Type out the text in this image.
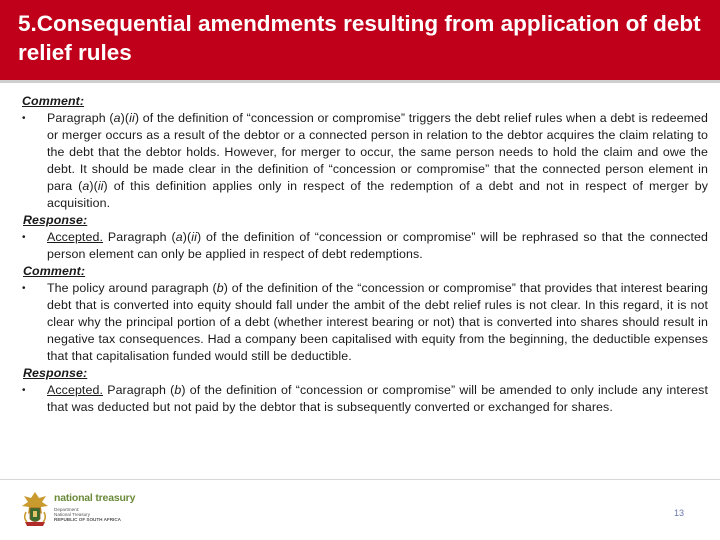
5.Consequential amendments resulting from application of debt relief rules
Comment:
• Paragraph (a)(ii) of the definition of “concession or compromise” triggers the debt relief rules when a debt is redeemed or merger occurs as a result of the debtor or a connected person in relation to the debtor acquires the claim relating to the debt that the debtor holds. However, for merger to occur, the same person needs to hold the claim and owe the debt. It should be made clear in the definition of “concession or compromise” that the connected person element in para (a)(ii) of this definition applies only in respect of the redemption of a debt and not in respect of merger by acquisition.
Response:
• Accepted. Paragraph (a)(ii) of the definition of “concession or compromise” will be rephrased so that the connected person element can only be applied in respect of debt redemptions.
Comment:
• The policy around paragraph (b) of the definition of the “concession or compromise” that provides that interest bearing debt that is converted into equity should fall under the ambit of the debt relief rules is not clear. In this regard, it is not clear why the principal portion of a debt (whether interest bearing or not) that is converted into shares should result in negative tax consequences. Had a company been capitalised with equity from the beginning, the deductible expenses that that capitalisation funded would still be deductible.
Response:
• Accepted. Paragraph (b) of the definition of “concession or compromise” will be amended to only include any interest that was deducted but not paid by the debtor that is subsequently converted or exchanged for shares.
national treasury
Department:
National Treasury
REPUBLIC OF SOUTH AFRICA
13
